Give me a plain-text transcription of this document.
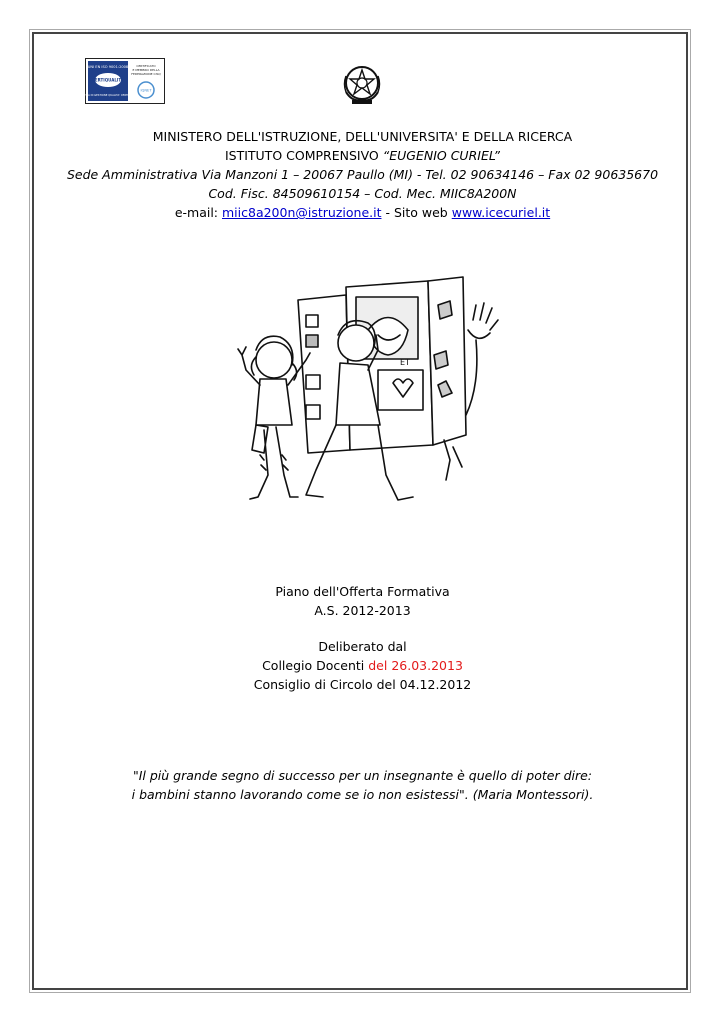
UNI EN ISO 9001:2008
CERTIQUALITY
SISTEMA DI GESTIONE QUALITA' CERTIFICATO
CERTIFICATO
E MEMBRO DELLA
FEDERAZIONE CISQ
IQNET
MINISTERO DELL'ISTRUZIONE, DELL'UNIVERSITA' E DELLA RICERCA
ISTITUTO COMPRENSIVO “EUGENIO CURIEL”
Sede Amministrativa Via Manzoni 1 – 20067 Paullo (MI) - Tel. 02 90634146 – Fax 02 90635670
Cod. Fisc. 84509610154 – Cod. Mec. MIIC8A200N
e-mail: miic8a200n@istruzione.it - Sito web www.icecuriel.it
ET
Piano dell'Offerta Formativa
A.S. 2012-2013
Deliberato dal
Collegio Docenti del 26.03.2013
Consiglio di Circolo del 04.12.2012
"Il più grande segno di successo per un insegnante è quello di poter dire:
i bambini stanno lavorando come se io non esistessi". (Maria Montessori).
